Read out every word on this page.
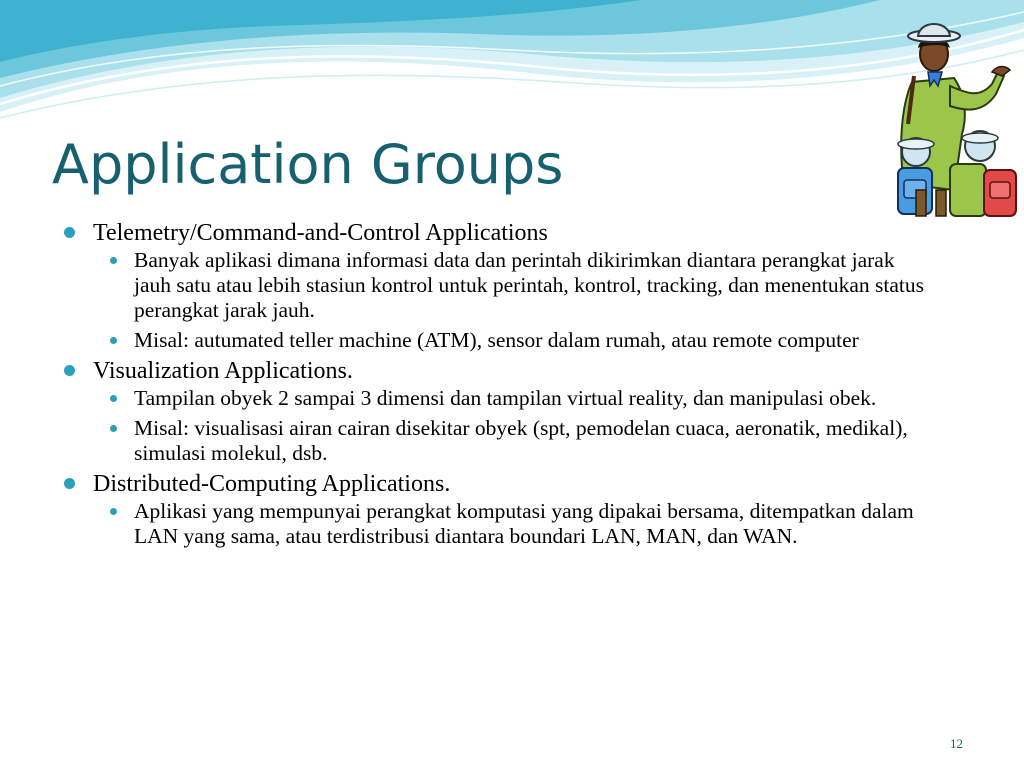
Application Groups
Telemetry/Command-and-Control Applications
Banyak aplikasi dimana informasi data dan perintah dikirimkan diantara perangkat jarak jauh satu atau lebih stasiun kontrol untuk perintah, kontrol, tracking, dan menentukan status perangkat jarak jauh.
Misal: autumated teller machine (ATM), sensor dalam rumah, atau remote computer
Visualization Applications.
Tampilan obyek 2 sampai 3 dimensi dan tampilan virtual reality, dan manipulasi obek.
Misal: visualisasi airan cairan disekitar obyek (spt, pemodelan cuaca, aeronatik, medikal), simulasi molekul, dsb.
Distributed-Computing Applications.
Aplikasi yang mempunyai perangkat komputasi yang dipakai bersama, ditempatkan dalam LAN yang sama, atau terdistribusi diantara boundari LAN, MAN, dan WAN.
12
